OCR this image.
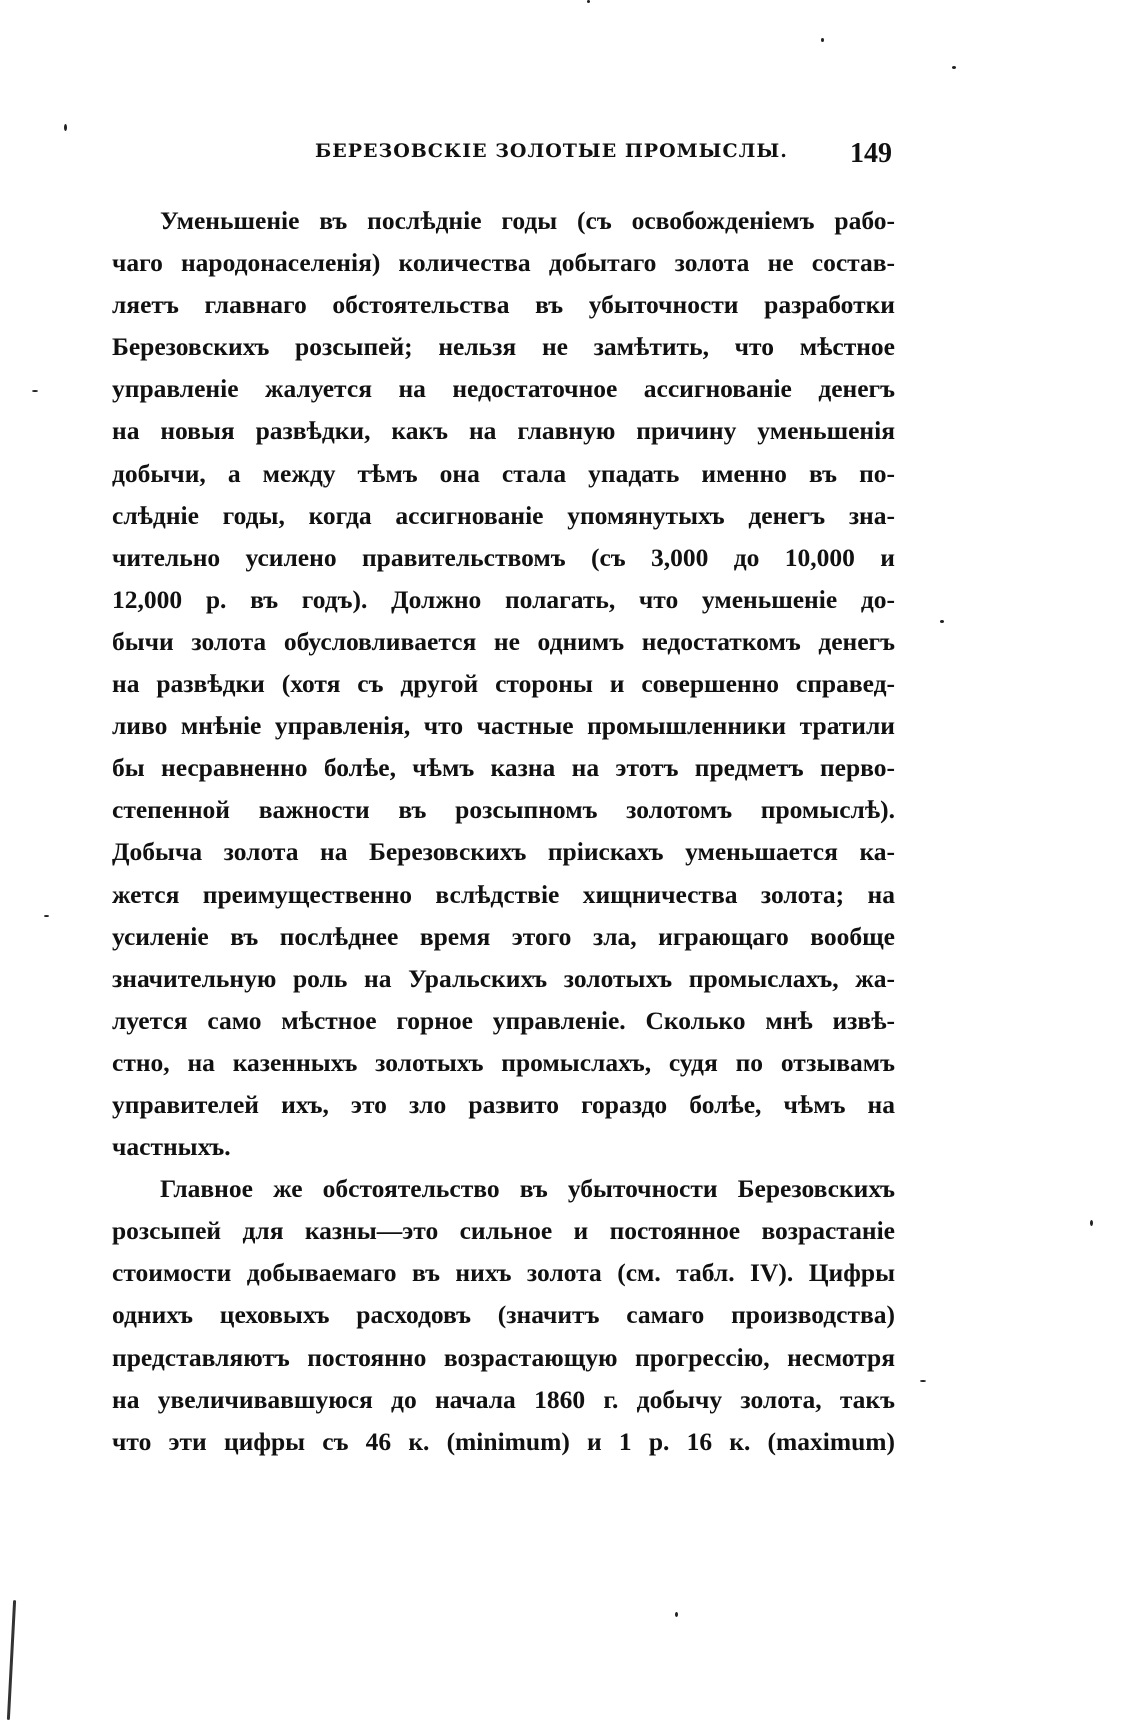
БЕРЕЗОВСКІЕ ЗОЛОТЫЕ ПРОМЫСЛЫ. 149
Уменьшеніе въ послѣдніе годы (съ освобожденіемъ рабо-
чаго народонаселенія) количества добытаго золота не состав-
ляетъ главнаго обстоятельства въ убыточности разработки
Березовскихъ розсыпей; нельзя не замѣтить, что мѣстное
управленіе жалуется на недостаточное ассигнованіе денегъ
на новыя развѣдки, какъ на главную причину уменьшенія
добычи, а между тѣмъ она стала упадать именно въ по-
слѣдніе годы, когда ассигнованіе упомянутыхъ денегъ зна-
чительно усилено правительствомъ (съ 3,000 до 10,000 и
12,000 р. въ годъ). Должно полагать, что уменьшеніе до-
бычи золота обусловливается не однимъ недостаткомъ денегъ
на развѣдки (хотя съ другой стороны и совершенно справед-
ливо мнѣніе управленія, что частные промышленники тратили
бы несравненно болѣе, чѣмъ казна на этотъ предметъ перво-
степенной важности въ розсыпномъ золотомъ промыслѣ).
Добыча золота на Березовскихъ пріискахъ уменьшается ка-
жется преимущественно вслѣдствіе хищничества золота; на
усиленіе въ послѣднее время этого зла, играющаго вообще
значительную роль на Уральскихъ золотыхъ промыслахъ, жа-
луется само мѣстное горное управленіе. Сколько мнѣ извѣ-
стно, на казенныхъ золотыхъ промыслахъ, судя по отзывамъ
управителей ихъ, это зло развито гораздо болѣе, чѣмъ на
частныхъ.
Главное же обстоятельство въ убыточности Березовскихъ
розсыпей для казны—это сильное и постоянное возрастаніе
стоимости добываемаго въ нихъ золота (см. табл. IV). Цифры
однихъ цеховыхъ расходовъ (значитъ самаго производства)
представляютъ постоянно возрастающую прогрессію, несмотря
на увеличивавшуюся до начала 1860 г. добычу золота, такъ
что эти цифры съ 46 к. (minimum) и 1 р. 16 к. (maximum)
